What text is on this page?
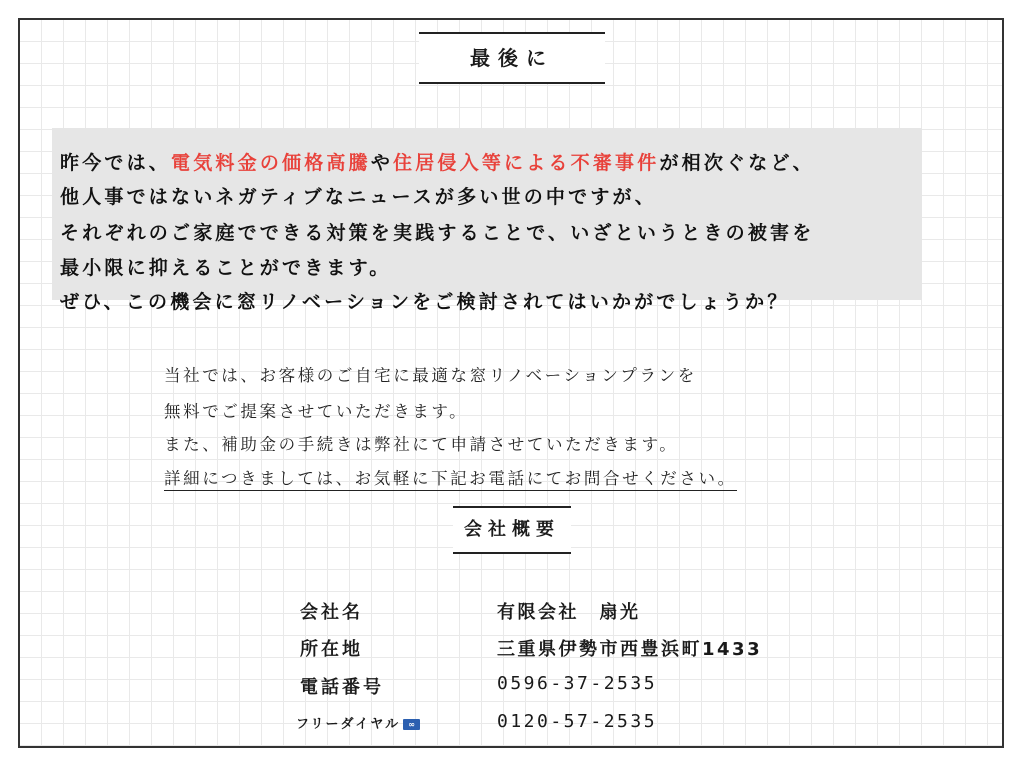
最後に
昨今では、電気料金の価格高騰や住居侵入等による不審事件が相次ぐなど、
他人事ではないネガティブなニュースが多い世の中ですが、
それぞれのご家庭でできる対策を実践することで、いざというときの被害を
最小限に抑えることができます。
ぜひ、この機会に窓リノベーションをご検討されてはいかがでしょうか？
当社では、お客様のご自宅に最適な窓リノベーションプランを
無料でご提案させていただきます。
また、補助金の手続きは弊社にて申請させていただきます。
詳細につきましては、お気軽に下記お電話にてお問合せください。
会社概要
会社名	有限会社　扇光
所在地	三重県伊勢市西豊浜町1433
電話番号	0596-37-2535
フリーダイヤル ∞	0120-57-2535
